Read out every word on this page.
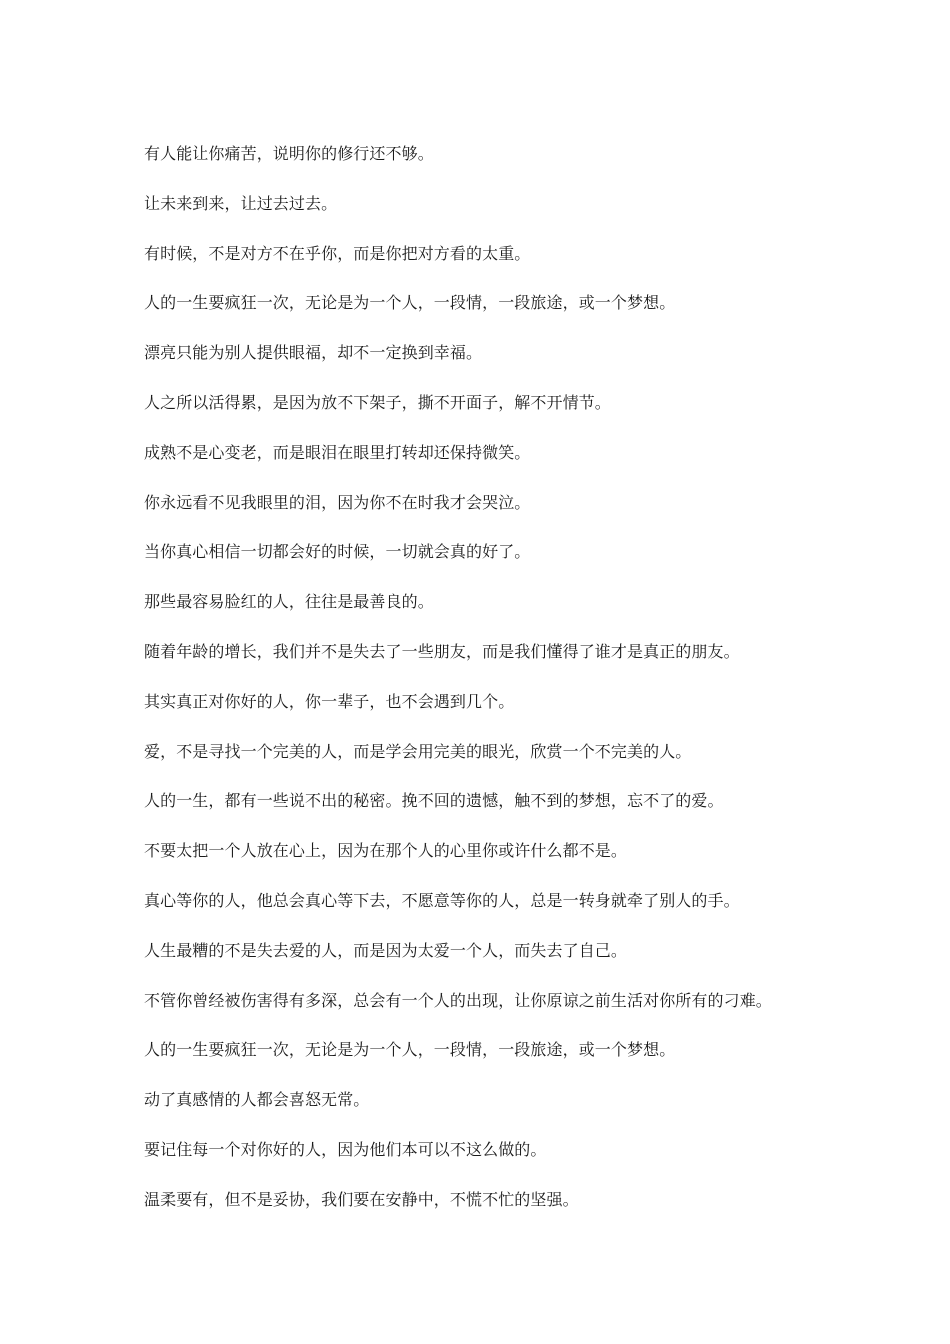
有人能让你痛苦，说明你的修行还不够。

让未来到来，让过去过去。

有时候，不是对方不在乎你，而是你把对方看的太重。

人的一生要疯狂一次，无论是为一个人，一段情，一段旅途，或一个梦想。

漂亮只能为别人提供眼福，却不一定换到幸福。

人之所以活得累，是因为放不下架子，撕不开面子，解不开情节。

成熟不是心变老，而是眼泪在眼里打转却还保持微笑。

你永远看不见我眼里的泪，因为你不在时我才会哭泣。

当你真心相信一切都会好的时候，一切就会真的好了。

那些最容易脸红的人，往往是最善良的。

随着年龄的增长，我们并不是失去了一些朋友，而是我们懂得了谁才是真正的朋友。

其实真正对你好的人，你一辈子，也不会遇到几个。

爱，不是寻找一个完美的人，而是学会用完美的眼光，欣赏一个不完美的人。

人的一生，都有一些说不出的秘密。挽不回的遗憾，触不到的梦想，忘不了的爱。

不要太把一个人放在心上，因为在那个人的心里你或许什么都不是。

真心等你的人，他总会真心等下去，不愿意等你的人，总是一转身就牵了别人的手。

人生最糟的不是失去爱的人，而是因为太爱一个人，而失去了自己。

不管你曾经被伤害得有多深，总会有一个人的出现，让你原谅之前生活对你所有的刁难。

人的一生要疯狂一次，无论是为一个人，一段情，一段旅途，或一个梦想。

动了真感情的人都会喜怒无常。

要记住每一个对你好的人，因为他们本可以不这么做的。

温柔要有，但不是妥协，我们要在安静中，不慌不忙的坚强。
